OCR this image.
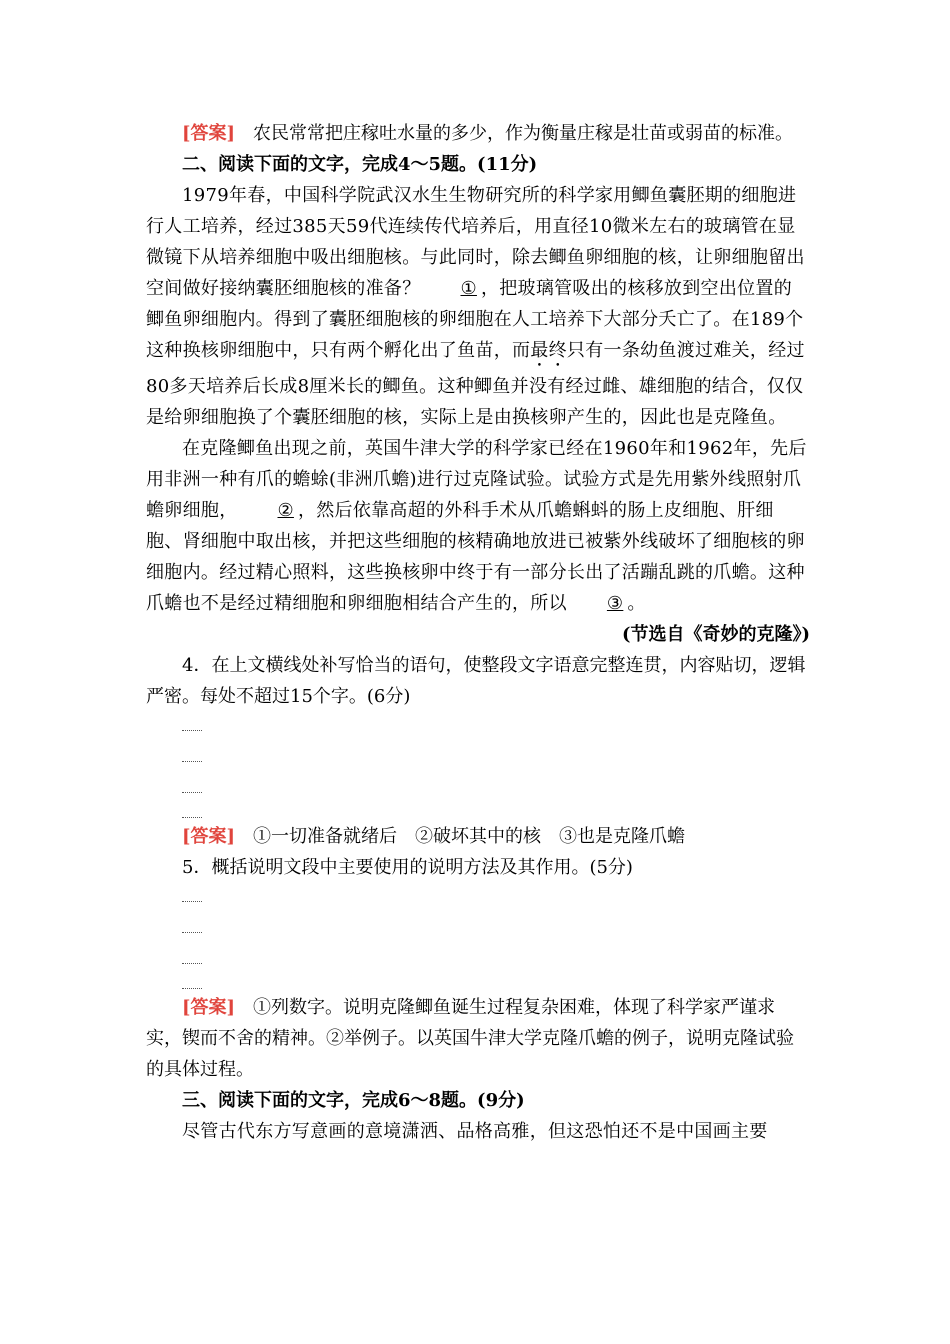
[答案] 农民常常把庄稼吐水量的多少，作为衡量庄稼是壮苗或弱苗的标准。

二、阅读下面的文字，完成4～5题。(11分)

1979年春，中国科学院武汉水生生物研究所的科学家用鲫鱼囊胚期的细胞进行人工培养，经过385天59代连续传代培养后，用直径10微米左右的玻璃管在显微镜下从培养细胞中吸出细胞核。与此同时，除去鲫鱼卵细胞的核，让卵细胞留出空间做好接纳囊胚细胞核的准备？ ① ，把玻璃管吸出的核移放到空出位置的鲫鱼卵细胞内。得到了囊胚细胞核的卵细胞在人工培养下大部分夭亡了。在189个这种换核卵细胞中，只有两个孵化出了鱼苗，而最终只有一条幼鱼渡过难关，经过80多天培养后长成8厘米长的鲫鱼。这种鲫鱼并没有经过雌、雄细胞的结合，仅仅是给卵细胞换了个囊胚细胞的核，实际上是由换核卵产生的，因此也是克隆鱼。

在克隆鲫鱼出现之前，英国牛津大学的科学家已经在1960年和1962年，先后用非洲一种有爪的蟾蜍(非洲爪蟾)进行过克隆试验。试验方式是先用紫外线照射爪蟾卵细胞， ② ，然后依靠高超的外科手术从爪蟾蝌蚪的肠上皮细胞、肝细胞、肾细胞中取出核，并把这些细胞的核精确地放进已被紫外线破坏了细胞核的卵细胞内。经过精心照料，这些换核卵中终于有一部分长出了活蹦乱跳的爪蟾。这种爪蟾也不是经过精细胞和卵细胞相结合产生的，所以 ③ 。

(节选自《奇妙的克隆》)

4．在上文横线处补写恰当的语句，使整段文字语意完整连贯，内容贴切，逻辑严密。每处不超过15个字。(6分)

[答案] ①一切准备就绪后　②破坏其中的核　③也是克隆爪蟾

5．概括说明文段中主要使用的说明方法及其作用。(5分)

[答案] ①列数字。说明克隆鲫鱼诞生过程复杂困难，体现了科学家严谨求实，锲而不舍的精神。②举例子。以英国牛津大学克隆爪蟾的例子，说明克隆试验的具体过程。

三、阅读下面的文字，完成6～8题。(9分)

尽管古代东方写意画的意境潇洒、品格高雅，但这恐怕还不是中国画主要
